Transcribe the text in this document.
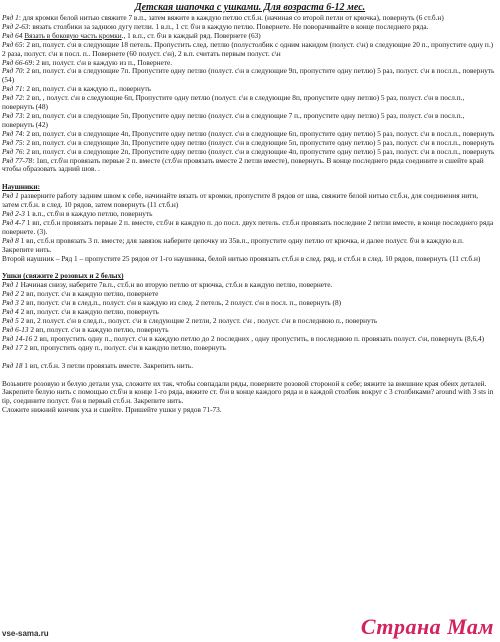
Детская шапочка с ушками. Для возраста 6-12 мес.
Ряд 1: для кромки белой нитью свяжите 7 в.п., затем вяжите в каждую петлю ст.б.н. (начиная со второй петли от крючка), повернуть (6 ст.б.н)
Ряд 2-63: вязать столбики за заднюю дугу петли. 1 в.п., 1 ст. б\н в каждую петлю. Повернете. Не поворачивайте в конце последнего ряда.
Ряд 64 Вязать в боковую часть кромки., 1 в.п., ст. б\н в каждый ряд. Повернете (63)
Ряд 65: 2 вп, полуст. с\н в следующие 18 петель. Пропустить след. петлю (полустолбик с одним накидом (полуст. с\н) в следующие 20 п., пропустите одну п.) 2 раза, полуст. с\н в посл. п.. Повернете (60 полуст. с\н), 2 в.п. считать первым полуст. с\н
Ряд 66-69: 2 вп, полуст. с\н в каждую из п., Повернете.
Ряд 70: 2 вп, полуст. с\н в следующие 7п. Пропустите одну петлю (полуст. с\н в следующие 9п, пропустите одну петлю) 5 раз, полуст. с\н в посл.п., повернуть (54)
Ряд 71: 2 вп, полуст. с\н в каждую п., повернуть
Ряд 72: 2 вп, , полуст. с\н в следующие 6п, Пропустите одну петлю (полуст. с\н в следующие 8п, пропустите одну петлю) 5 раз, полуст. с\н в посл.п., повернуть (48)
Ряд 73: 2 вп, полуст. с\н в следующие 5п, Пропустите одну петлю (полуст. с\н в следующие 7 п., пропустите одну петлю) 5 раз, полуст. с\н в посл.п., повернуть (42)
Ряд 74: 2 вп, полуст. с\н в следующие 4п, Пропустите одну петлю (полуст. с\н в следующие 6п, пропустите одну петлю) 5 раз, полуст. с\н в посл.п., повернуть
Ряд 75: 2 вп, полуст. с\н в следующие 3п, Пропустите одну петлю (полуст. с\н в следующие 5п, пропустите одну петлю) 5 раз, полуст. с\н в посл.п., повернуть
Ряд 76: 2 вп, полуст. с\н в следующие 2п, Пропустите одну петлю (полуст. с\н в следующие 4п, пропустите одну петлю) 5 раз, полуст. с\н в посл.п., повернуть
Ряд 77-78: 1вп, ст.б\н провязать первые 2 п. вместе (ст.б\н провязать вместе 2 петли вместе), повернуть. В конце последнего ряда соедините и сшейте край чтобы образовать задний шов. .
Наушники:
Ряд 1 разверните работу задним швом к себе, начинайте вязать от кромки, пропустите 8 рядов от шва, свяжите белой нитью ст.б.н, для соединения нити, затем ст.б.н. в след. 10 рядов, затем повернуть (11 ст.б.н)
Ряд 2-3 1 в.п., ст.б\н в каждую петлю, повернуть
Ряд 4-7 1 вп, ст.б.н провязать первые 2 п. вместе, ст.б\н в каждую п. до посл. двух петель. ст.б.н провязать последние 2 петли вместе, в конце последнего ряда повернете. (3).
Ряд 8 1 вп, ст.б.н провязать 3 п. вместе; для завязок наберите цепочку из 35в.п., пропустите одну петлю от крючка, и далее полуст. б\н в каждую в.п. Закрепите нить.
Второй наушник – Ряд 1 – пропустите 25 рядов от 1-го наушника, белой нитью провязать ст.б.н в след. ряд, и ст.б.н в след. 10 рядов, повернуть (11 ст.б.н)
Ушки (свяжите 2 розовых и 2 белых)
Ряд 1 Начиная снизу, наберите 7в.п., ст.б.н во вторую петлю от крючка, ст.б.н в каждую петлю, повернете.
Ряд 2 2 вп, полуст. с\н в каждую петлю, повернете
Ряд 3 2 вп, полуст. с\н в след.п., полуст. с\н в каждую из след. 2 петель, 2 полуст. с\н в посл. п., повернуть (8)
Ряд 4 2 вп, полуст. с\н в каждую петлю, повернуть
Ряд 5 2 вп, 2 полуст. с\н в след.п., полуст. с\н в следующие 2 петли, 2 полуст. с\н , полуст. с\н в последнюю п., повернуть
Ряд 6-13 2 вп, полуст. с\н в каждую петлю, повернуть
Ряд 14-16 2 вп, пропустить одну п., полуст. с\н в каждую петлю до 2 последних , одну пропустить, в последнюю п. провязать полуст. с\н, повернуть (8,6,4)
Ряд 17 2 вп, пропустить одну п., полуст. с\н в каждую петлю, повернуть
Ряд 18 1 вп, ст.б.н. 3 петли провязать вместе. Закрепить нить.
Возьмите розовую и белую детали уха, сложите их так, чтобы совпадали ряды, поверните розовой стороной к себе; вяжите за внешние края обеих деталей. Закрепите белую нить с помощью ст.б\н в конце 1-го ряда, вяжите ст. б\н в конце каждого ряда и в каждой столбик вокруг с 3 столбиками? around with 3 sts in tip, соедините полуст. б\н в первый ст.б.н. Закрепите нить.
Сложите нижний кончик уха и сшейте. Пришейте ушки у рядов 71-73.
vse-sama.ru	Страна Мам
